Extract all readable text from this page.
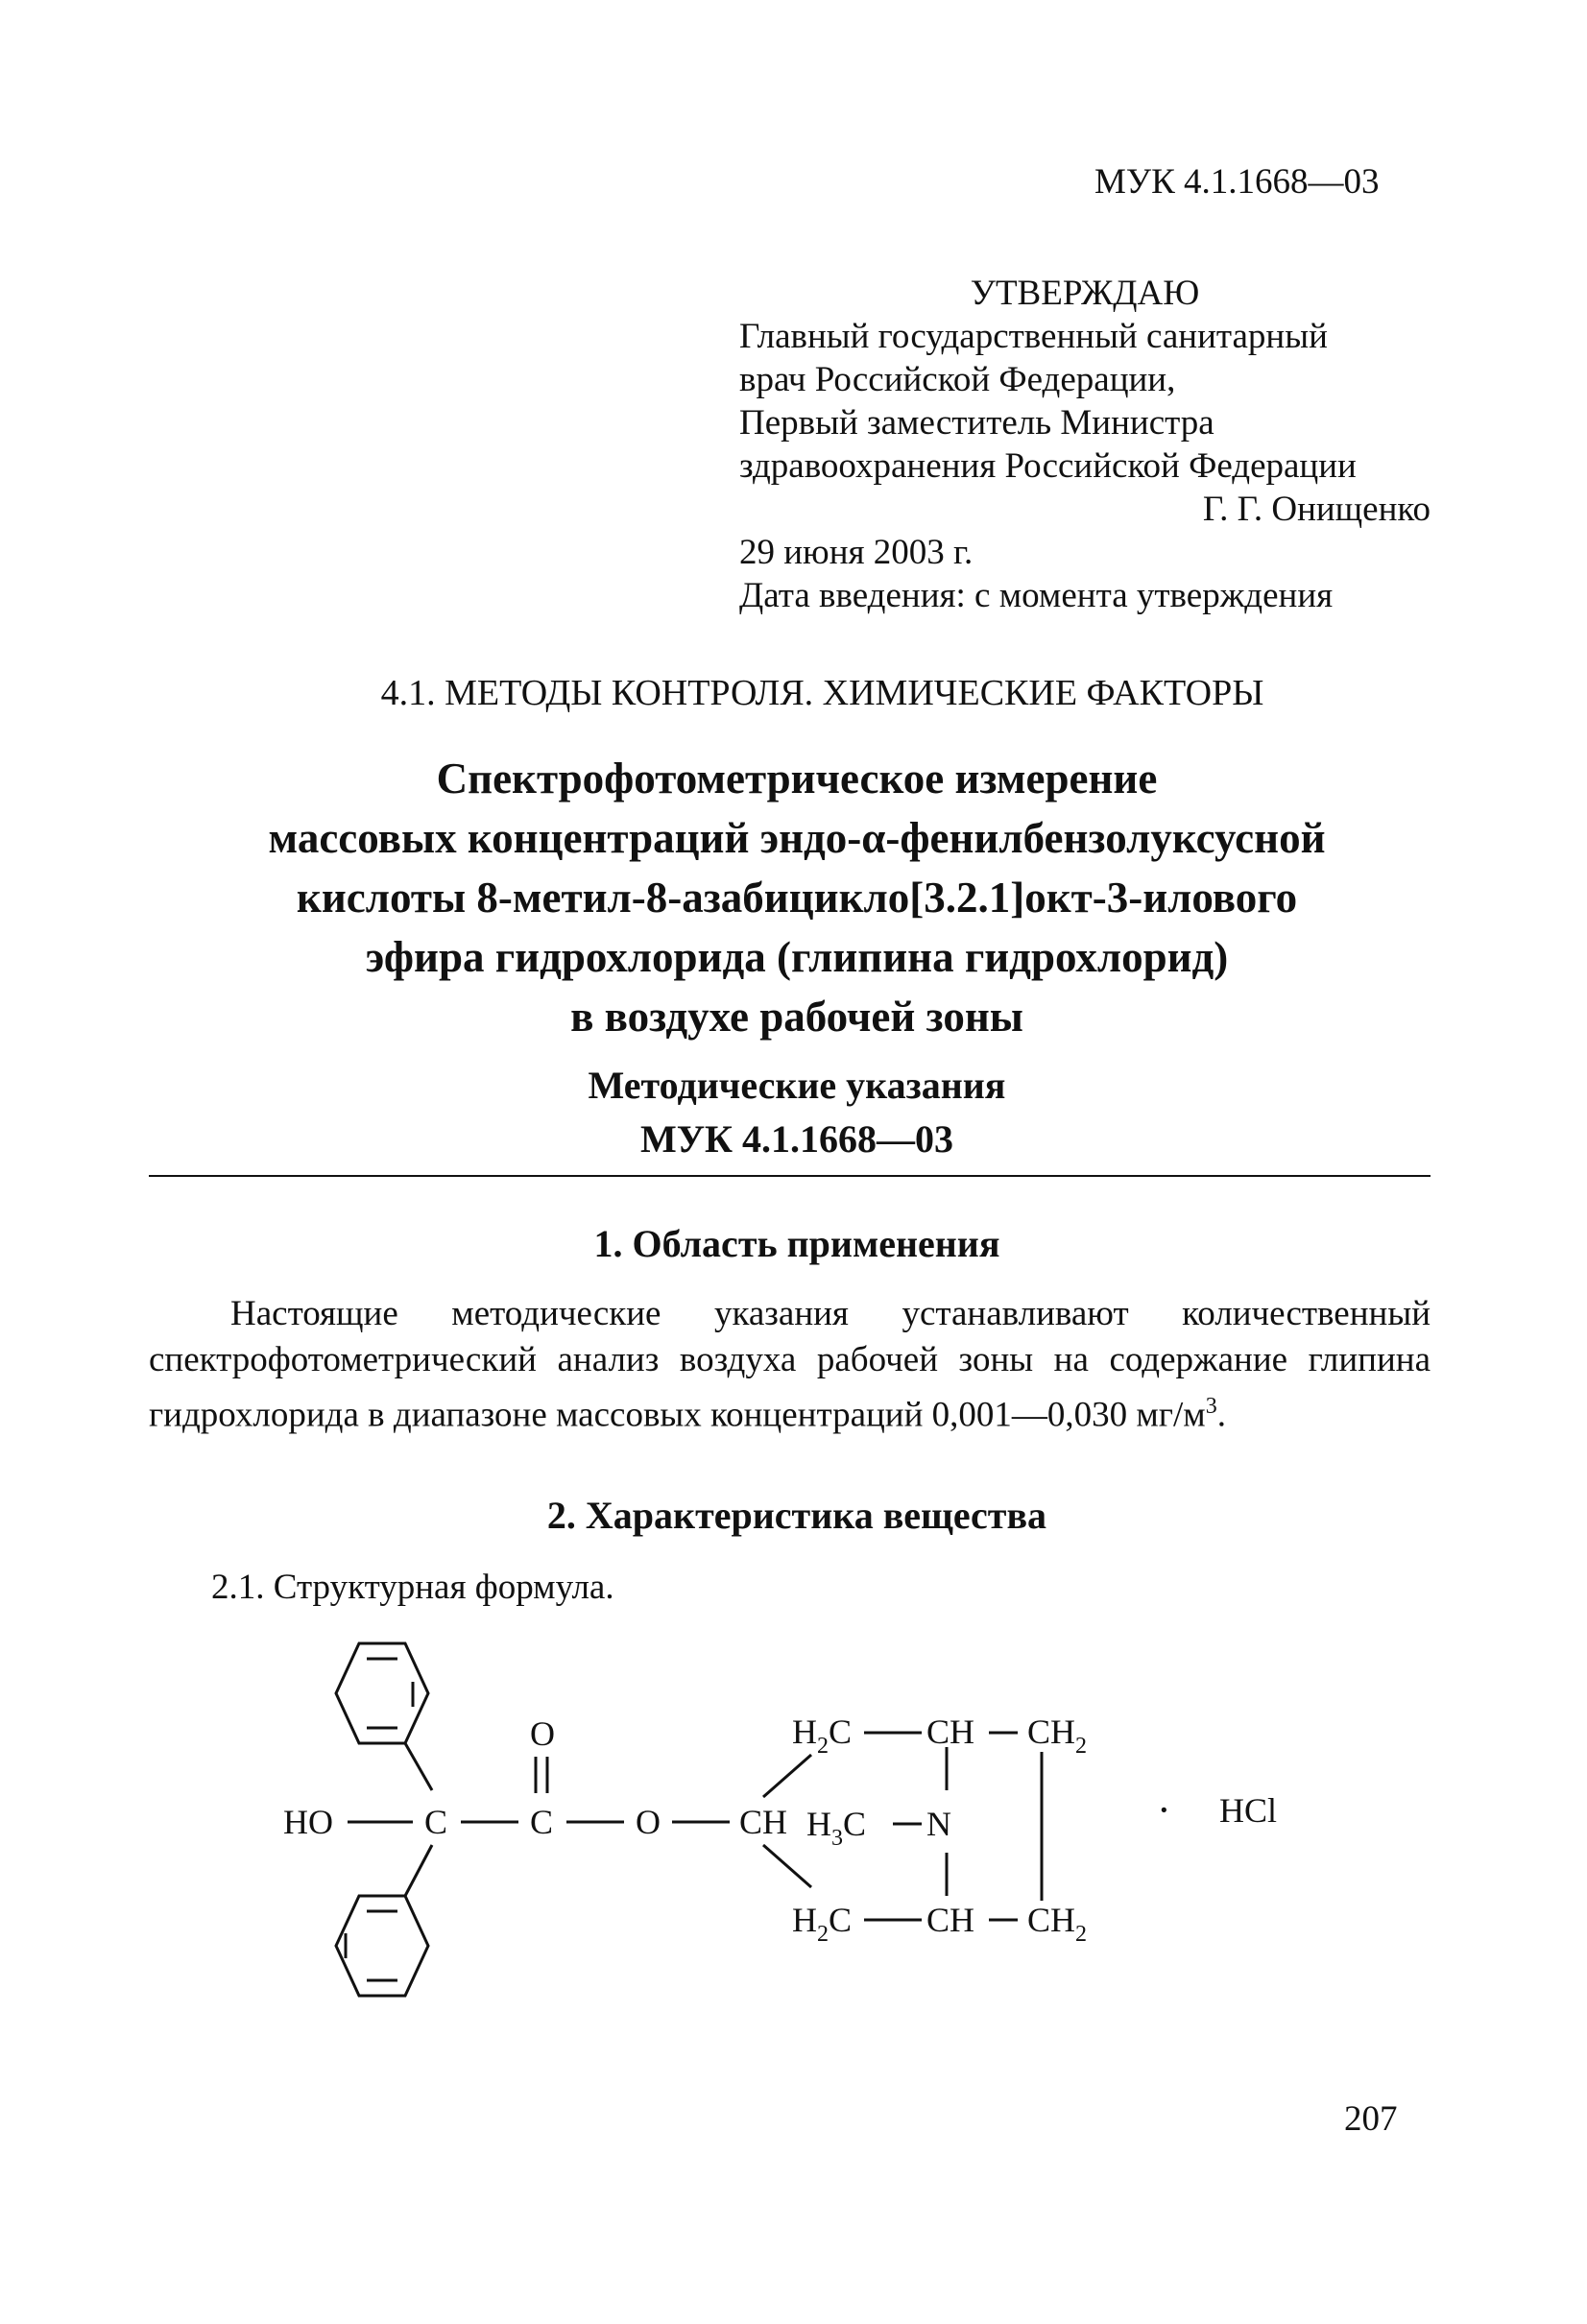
МУК 4.1.1668—03
УТВЕРЖДАЮ
Главный государственный санитарный
врач Российской Федерации,
Первый заместитель Министра
здравоохранения Российской Федерации
Г. Г. Онищенко
29 июня 2003 г.
Дата введения: с момента утверждения
4.1. МЕТОДЫ КОНТРОЛЯ. ХИМИЧЕСКИЕ ФАКТОРЫ
Спектрофотометрическое измерение
массовых концентраций эндо-α-фенилбензолуксусной
кислоты 8-метил-8-азабицикло[3.2.1]окт-3-илового
эфира гидрохлорида (глипина гидрохлорид)
в воздухе рабочей зоны
Методические указания
МУК 4.1.1668—03
1. Область применения
Настоящие методические указания устанавливают количественный спектрофотометрический анализ воздуха рабочей зоны на содержание глипина гидрохлорида в диапазоне массовых концентраций 0,001—0,030 $мг/м^3$.
2. Характеристика вещества
2.1. Структурная формула.
O
HO	C C O CH
$H_2C$ CH $CH_2$
$H_3C$ N
$H_2C$ CH $CH_2$
· HCl
207
